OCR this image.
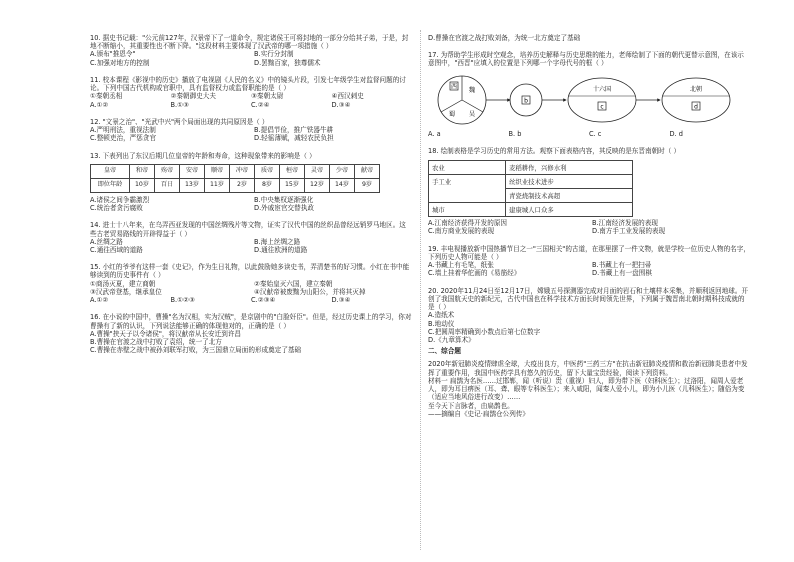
10. 据史书记载："公元前127年，汉景帝下了一道命令，规定诸侯王可将封地的一部分分给其子弟，于是，封地不断缩小，其重要性也不断下降。"这段材料主要体现了汉武帝的哪一项措施（ ）
A.颁布"推恩令"	B.实行分封制
C.加强对地方的控制	D.罢黜百家，独尊儒术
11. 校本课程《影视中的历史》播放了电视剧《人民的名义》中的镜头片段，引发七年级学生对监督问题的讨论。下列中国古代机构或官职中，具有监督权力或监督职能的是（ ）
①秦朝丞相	②秦朝御史大夫	③秦朝太尉	④西汉刺史
A.①②	B.①③	C.②④	D.③④
12. "文景之治"、"光武中兴"两个局面出现的共同原因是（ ）
A.严明刑法，重视法制	B.提倡节俭，推广铁器牛耕
C.整顿吏治，严惩贪官	D.轻徭薄赋，减轻农民负担
13. 下表列出了东汉后期几位皇帝的年龄和寿命，这种现象带来的影响是（ ）
皇帝	和帝	殇帝	安帝	顺帝	冲帝	质帝	桓帝	灵帝	少帝	献帝
即位年龄	10岁	百日	13岁	11岁	2岁	8岁	15岁	12岁	14岁	9岁
A.诸侯之间争霸激烈	B.中央集权逐渐强化
C.统治者贪污腐败	D.外戚宦官交替执政
14. 进士十八年来，在乌弄西亚发现的中国丝绸残片等文物，证实了汉代中国的丝织品曾经远销罗马地区。这些古老贸易路线的开辟得益于（ ）
A.丝绸之路	B.海上丝绸之路
C.通往西域的道路	D.通往欧洲的道路
15. 小红的爷爷有这样一套《史记》，作为生日礼物，以此鼓励她多读史书，弄清楚书的好习惯。小红在书中能够读到的历史事件有（ ）
①商汤灭夏，建立商朝	②秦始皇灭六国，建立秦朝
③汉武帝登基，继承皇位	④汉献帝被废黜为山阳公，并将其灭掉
A.①②	B.①②③	C.②③④	D.③④
16. 在小说的中国中，曹操"名为汉相，实为汉贼"，是京剧中的"白脸奸臣"。但是，经过历史课上的学习，你对曹操有了新的认识，下列说法能够正确的体现他对的，正确的是（ ）
A.曹操"挟天子以令诸侯"，将汉献帝从长安迁到许昌
B.曹操在官渡之战中打败了袁绍，统一了北方
C.曹操在赤壁之战中被孙刘联军打败，为三国鼎立局面的形成奠定了基础
D.曹操在官渡之战打败刘备，为统一北方奠定了基础
17. 为帮助学生形成时空观念，培养历史解释与历史思维的能力，老师绘制了下面的朝代更替示意图，在该示意图中，"西晋"应填入的位置是下列哪一个字母代号的框（ ）
西 魏
蜀 吴
b
十六国
c
北朝
d
A. a	B. b	C. c	D. d
18. 绘制表格是学习历史的常用方法。观察下面表格内容，其反映的是东晋南朝时（ ）
农业	麦稻耕作，兴修水利
手工业	丝织业技术进步
	青瓷烧制技术高超
城市	建康城人口众多
A.江南经济获得开发的原因	B.江南经济发展的表现
C.南方商业发展的表现	D.南方手工业发展的表现
19. 丰电视播放新中国热播节目之一"三国相关"的古道，在那里摆了一件文物，就是学校一位历史人物的名字，下列历史人物可能是（ ）
A.书藏上有毛笔，纸张	B.书藏上有一把扫帚
C.墙上挂着华佗画的《易筋经》	D.书藏上有一盘围棋
20. 2020年11月24日至12月17日，嫦娥五号探测器完成对月面的岩石和土壤样本采集，并顺利返回地球。开创了我国航天史的新纪元，古代中国也在科学技术方面长时间领先世界，下列属于魏晋南北朝时期科技成就的是（ ）
A.造纸术
B.地动仪
C.把圆周率精确到小数点后第七位数字
D.《九章算术》
二、综合题
2020年新冠肺炎疫情肆虐全球，大疫出良方，中医药"三药三方"在抗击新冠肺炎疫情和救治新冠肺炎患者中发挥了重要作用，我国中医药学具有悠久的历史，留下大量宝贵经验，阅读下列资料。
材料一 扁鹊为名医……过邯郸，闻（听说）贵（重视）妇人，即为带下医（妇科医生）；过洛阳，闻周人爱老人，即为耳目痹医（耳、聋、眼等专科医生）；来入咸阳，闻秦人爱小儿，即为小儿医（儿科医生）；随俗为变（适应当地风俗进行改变）……
至今天下言脉者，由扁鹊也。
——摘编自《史记·扁鹊仓公列传》
